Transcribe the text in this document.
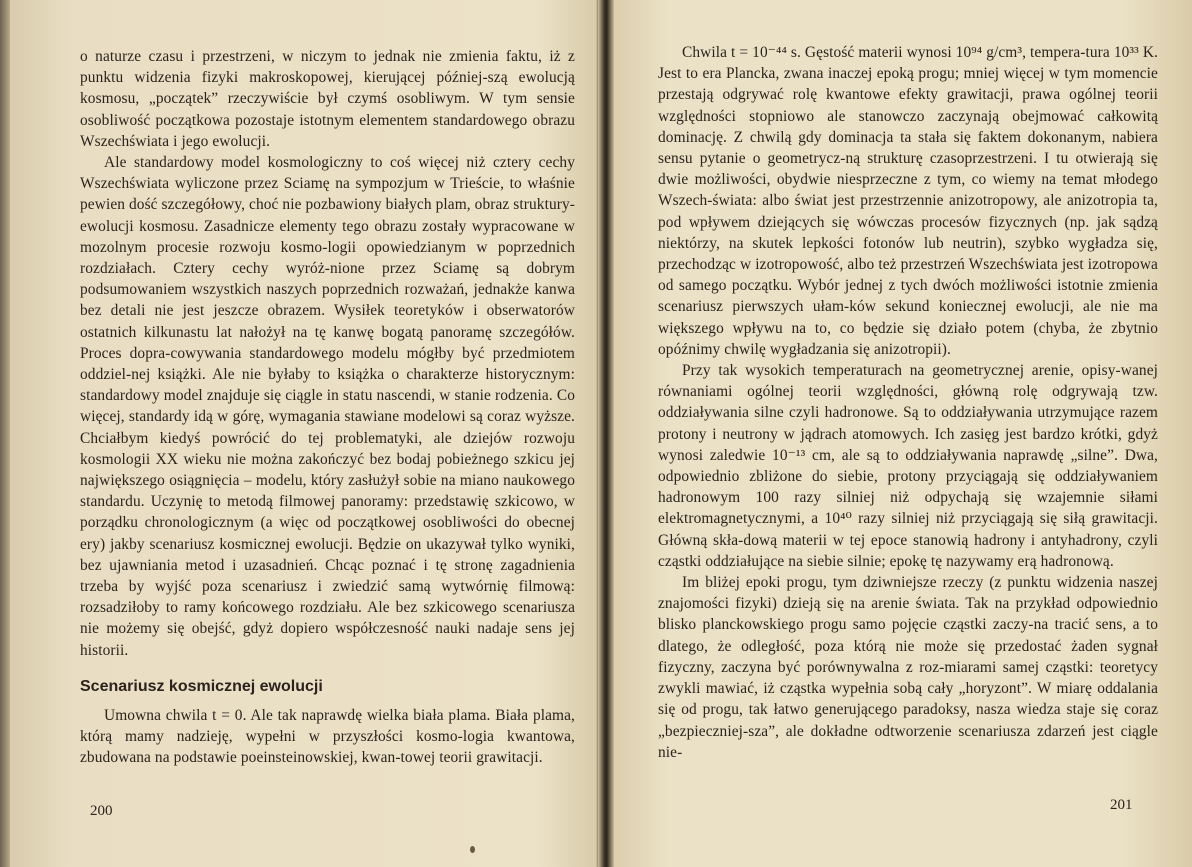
o naturze czasu i przestrzeni, w niczym to jednak nie zmienia faktu, iż z punktu widzenia fizyki makroskopowej, kierującej później-szą ewolucją kosmosu, „początek” rzeczywiście był czymś osobliwym. W tym sensie osobliwość początkowa pozostaje istotnym elementem standardowego obrazu Wszechświata i jego ewolucji.

Ale standardowy model kosmologiczny to coś więcej niż cztery cechy Wszechświata wyliczone przez Sciamę na sympozjum w Trieście, to właśnie pewien dość szczegółowy, choć nie pozbawiony białych plam, obraz struktury-ewolucji kosmosu. Zasadnicze elementy tego obrazu zostały wypracowane w mozolnym procesie rozwoju kosmo-logii opowiedzianym w poprzednich rozdziałach. Cztery cechy wyróż-nione przez Sciamę są dobrym podsumowaniem wszystkich naszych poprzednich rozważań, jednakże kanwa bez detali nie jest jeszcze obrazem. Wysiłek teoretyków i obserwatorów ostatnich kilkunastu lat nałożył na tę kanwę bogatą panoramę szczegółów. Proces dopra-cowywania standardowego modelu mógłby być przedmiotem oddziel-nej książki. Ale nie byłaby to książka o charakterze historycznym: standardowy model znajduje się ciągle in statu nascendi, w stanie rodzenia. Co więcej, standardy idą w górę, wymagania stawiane modelowi są coraz wyższe. Chciałbym kiedyś powrócić do tej problematyki, ale dziejów rozwoju kosmologii XX wieku nie można zakończyć bez bodaj pobieżnego szkicu jej największego osiągnięcia – modelu, który zasłużył sobie na miano naukowego standardu. Uczynię to metodą filmowej panoramy: przedstawię szkicowo, w porządku chronologicznym (a więc od początkowej osobliwości do obecnej ery) jakby scenariusz kosmicznej ewolucji. Będzie on ukazywał tylko wyniki, bez ujawniania metod i uzasadnień. Chcąc poznać i tę stronę zagadnienia trzeba by wyjść poza scenariusz i zwiedzić samą wytwórnię filmową: rozsadziłoby to ramy końcowego rozdziału. Ale bez szkicowego scenariusza nie możemy się obejść, gdyż dopiero współczesność nauki nadaje sens jej historii.

Scenariusz kosmicznej ewolucji

Umowna chwila t = 0. Ale tak naprawdę wielka biała plama. Biała plama, którą mamy nadzieję, wypełni w przyszłości kosmo-logia kwantowa, zbudowana na podstawie poeinsteinowskiej, kwan-towej teorii grawitacji.

200

Chwila t = 10⁻⁴⁴ s. Gęstość materii wynosi 10⁹⁴ g/cm³, tempera-tura 10³³ K. Jest to era Plancka, zwana inaczej epoką progu; mniej więcej w tym momencie przestają odgrywać rolę kwantowe efekty grawitacji, prawa ogólnej teorii względności stopniowo ale stanowczo zaczynają obejmować całkowitą dominację. Z chwilą gdy dominacja ta stała się faktem dokonanym, nabiera sensu pytanie o geometrycz-ną strukturę czasoprzestrzeni. I tu otwierają się dwie możliwości, obydwie niesprzeczne z tym, co wiemy na temat młodego Wszech-świata: albo świat jest przestrzennie anizotropowy, ale anizotropia ta, pod wpływem dziejących się wówczas procesów fizycznych (np. jak sądzą niektórzy, na skutek lepkości fotonów lub neutrin), szybko wygładza się, przechodząc w izotropowość, albo też przestrzeń Wszechświata jest izotropowa od samego początku. Wybór jednej z tych dwóch możliwości istotnie zmienia scenariusz pierwszych ułam-ków sekund koniecznej ewolucji, ale nie ma większego wpływu na to, co będzie się działo potem (chyba, że zbytnio opóźnimy chwilę wygładzania się anizotropii).

Przy tak wysokich temperaturach na geometrycznej arenie, opisy-wanej równaniami ogólnej teorii względności, główną rolę odgrywają tzw. oddziaływania silne czyli hadronowe. Są to oddziaływania utrzymujące razem protony i neutrony w jądrach atomowych. Ich zasięg jest bardzo krótki, gdyż wynosi zaledwie 10⁻¹³ cm, ale są to oddziaływania naprawdę „silne”. Dwa, odpowiednio zbliżone do siebie, protony przyciągają się oddziaływaniem hadronowym 100 razy silniej niż odpychają się wzajemnie siłami elektromagnetycznymi, a 10⁴⁰ razy silniej niż przyciągają się siłą grawitacji. Główną skła-dową materii w tej epoce stanowią hadrony i antyhadrony, czyli cząstki oddziałujące na siebie silnie; epokę tę nazywamy erą hadronową.

Im bliżej epoki progu, tym dziwniejsze rzeczy (z punktu widzenia naszej znajomości fizyki) dzieją się na arenie świata. Tak na przykład odpowiednio blisko planckowskiego progu samo pojęcie cząstki zaczy-na tracić sens, a to dlatego, że odległość, poza którą nie może się przedostać żaden sygnał fizyczny, zaczyna być porównywalna z roz-miarami samej cząstki: teoretycy zwykli mawiać, iż cząstka wypełnia sobą cały „horyzont”. W miarę oddalania się od progu, tak łatwo generującego paradoksy, nasza wiedza staje się coraz „bezpieczniej-sza”, ale dokładne odtworzenie scenariusza zdarzeń jest ciągle nie-

201
